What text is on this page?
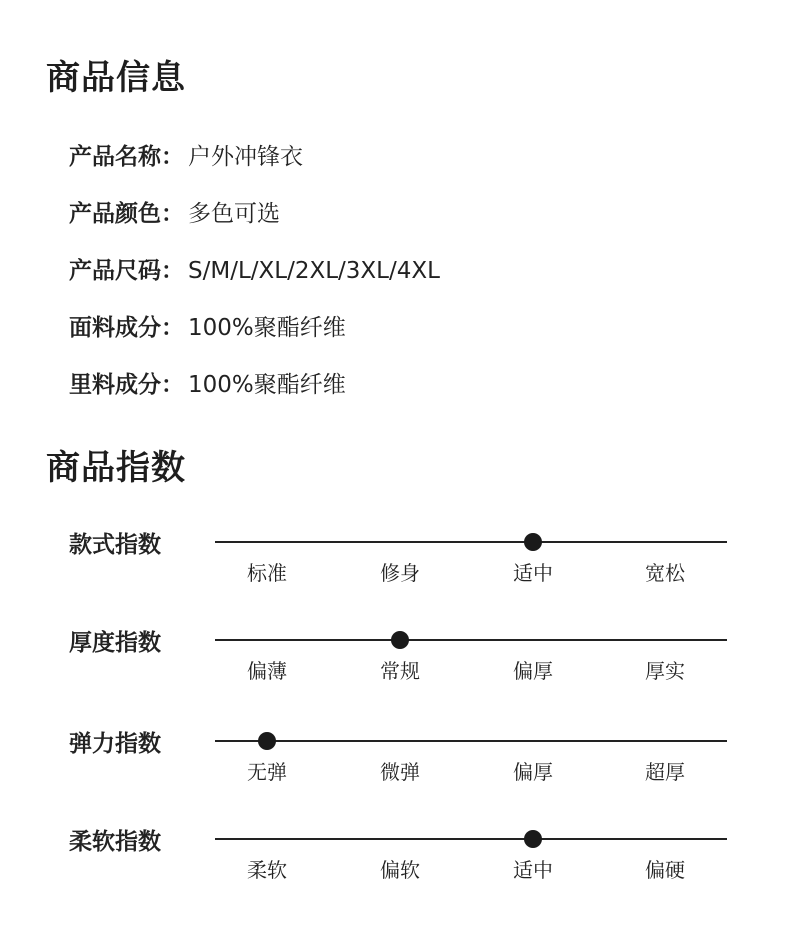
商品信息
产品名称： 户外冲锋衣
产品颜色： 多色可选
产品尺码： S/M/L/XL/2XL/3XL/4XL
面料成分： 100%聚酯纤维
里料成分： 100%聚酯纤维
商品指数
款式指数
标准	修身	适中	宽松
厚度指数
偏薄	常规	偏厚	厚实
弹力指数
无弹	微弹	偏厚	超厚
柔软指数
柔软	偏软	适中	偏硬
